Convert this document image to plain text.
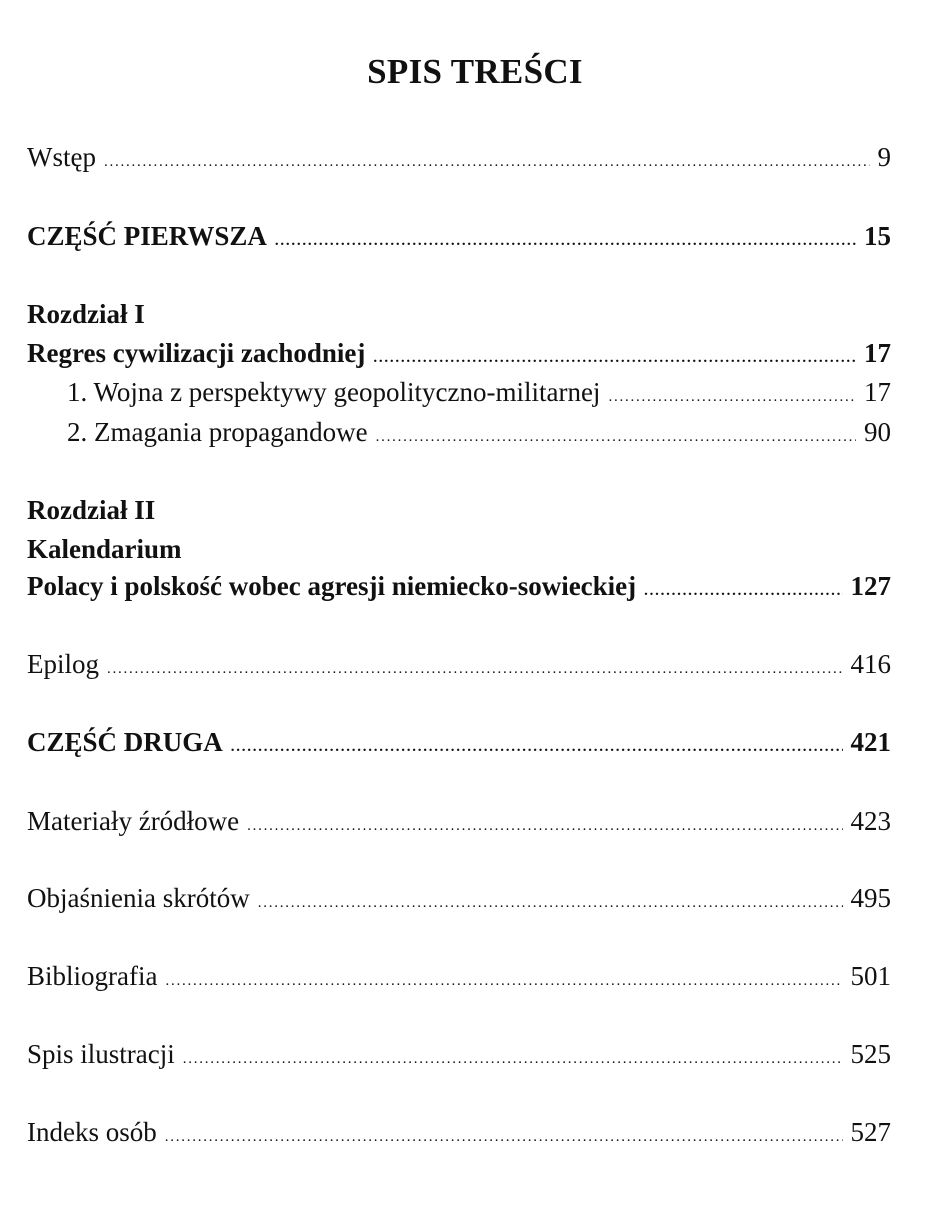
SPIS TREŚCI
Wstęp . . .	9
CZĘŚĆ PIERWSZA . . .	15
Rozdział I
Regres cywilizacji zachodniej . . .	17
1. Wojna z perspektywy geopolityczno-militarnej . . .	17
2. Zmagania propagandowe . . .	90
Rozdział II
Kalendarium
Polacy i polskość wobec agresji niemiecko-sowieckiej . . .	127
Epilog . . .	416
CZĘŚĆ DRUGA . . .	421
Materiały źródłowe . . .	423
Objaśnienia skrótów . . .	495
Bibliografia . . .	501
Spis ilustracji . . .	525
Indeks osób . . .	527
